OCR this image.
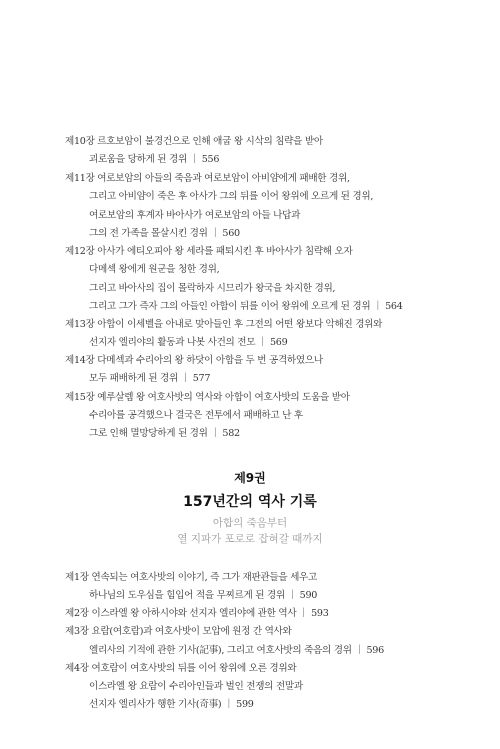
제10장 르호보암이 불경건으로 인해 애굽 왕 시삭의 침략을 받아
괴로움을 당하게 된 경위 ｜ 556
제11장 여로보암의 아들의 죽음과 여로보암이 아비얌에게 패배한 경위,
그리고 아비얌이 죽은 후 아사가 그의 뒤를 이어 왕위에 오르게 된 경위,
여로보암의 후계자 바아사가 여로보암의 아들 나답과
그의 전 가족을 몰살시킨 경위 ｜ 560
제12장 아사가 에티오피아 왕 세라를 패퇴시킨 후 바아사가 침략해 오자
다메섹 왕에게 원군을 청한 경위,
그리고 바아사의 집이 몰락하자 시므리가 왕국을 차지한 경위,
그리고 그가 즉자 그의 아들인 아합이 뒤를 이어 왕위에 오르게 된 경위 ｜ 564
제13장 아합이 이세벨을 아내로 맞아들인 후 그전의 어떤 왕보다 악해진 경위와
선지자 엘리야의 활동과 나봇 사건의 전모 ｜ 569
제14장 다메섹과 수리아의 왕 하닷이 아합을 두 번 공격하였으나
모두 패배하게 된 경위 ｜ 577
제15장 예루살렘 왕 여호사밧의 역사와 아합이 여호사밧의 도움을 받아
수리아를 공격했으나 결국은 전투에서 패배하고 난 후
그로 인해 멸망당하게 된 경위 ｜ 582
제9권
157년간의 역사 기록
아합의 죽음부터
열 지파가 포로로 잡혀갈 때까지
제1장 연속되는 여호사밧의 이야기, 즉 그가 재판관들을 세우고
하나님의 도우심을 힘입어 적을 무찌르게 된 경위 ｜ 590
제2장 이스라엘 왕 아하시야와 선지자 엘리야에 관한 역사 ｜ 593
제3장 요람(여호람)과 여호사밧이 모압에 원정 간 역사와
엘리사의 기적에 관한 기사(記事), 그리고 여호사밧의 죽음의 경위 ｜ 596
제4장 여호람이 여호사밧의 뒤를 이어 왕위에 오른 경위와
이스라엘 왕 요람이 수리아인들과 벌인 전쟁의 전말과
선지자 엘리사가 행한 기사(奇事) ｜ 599
